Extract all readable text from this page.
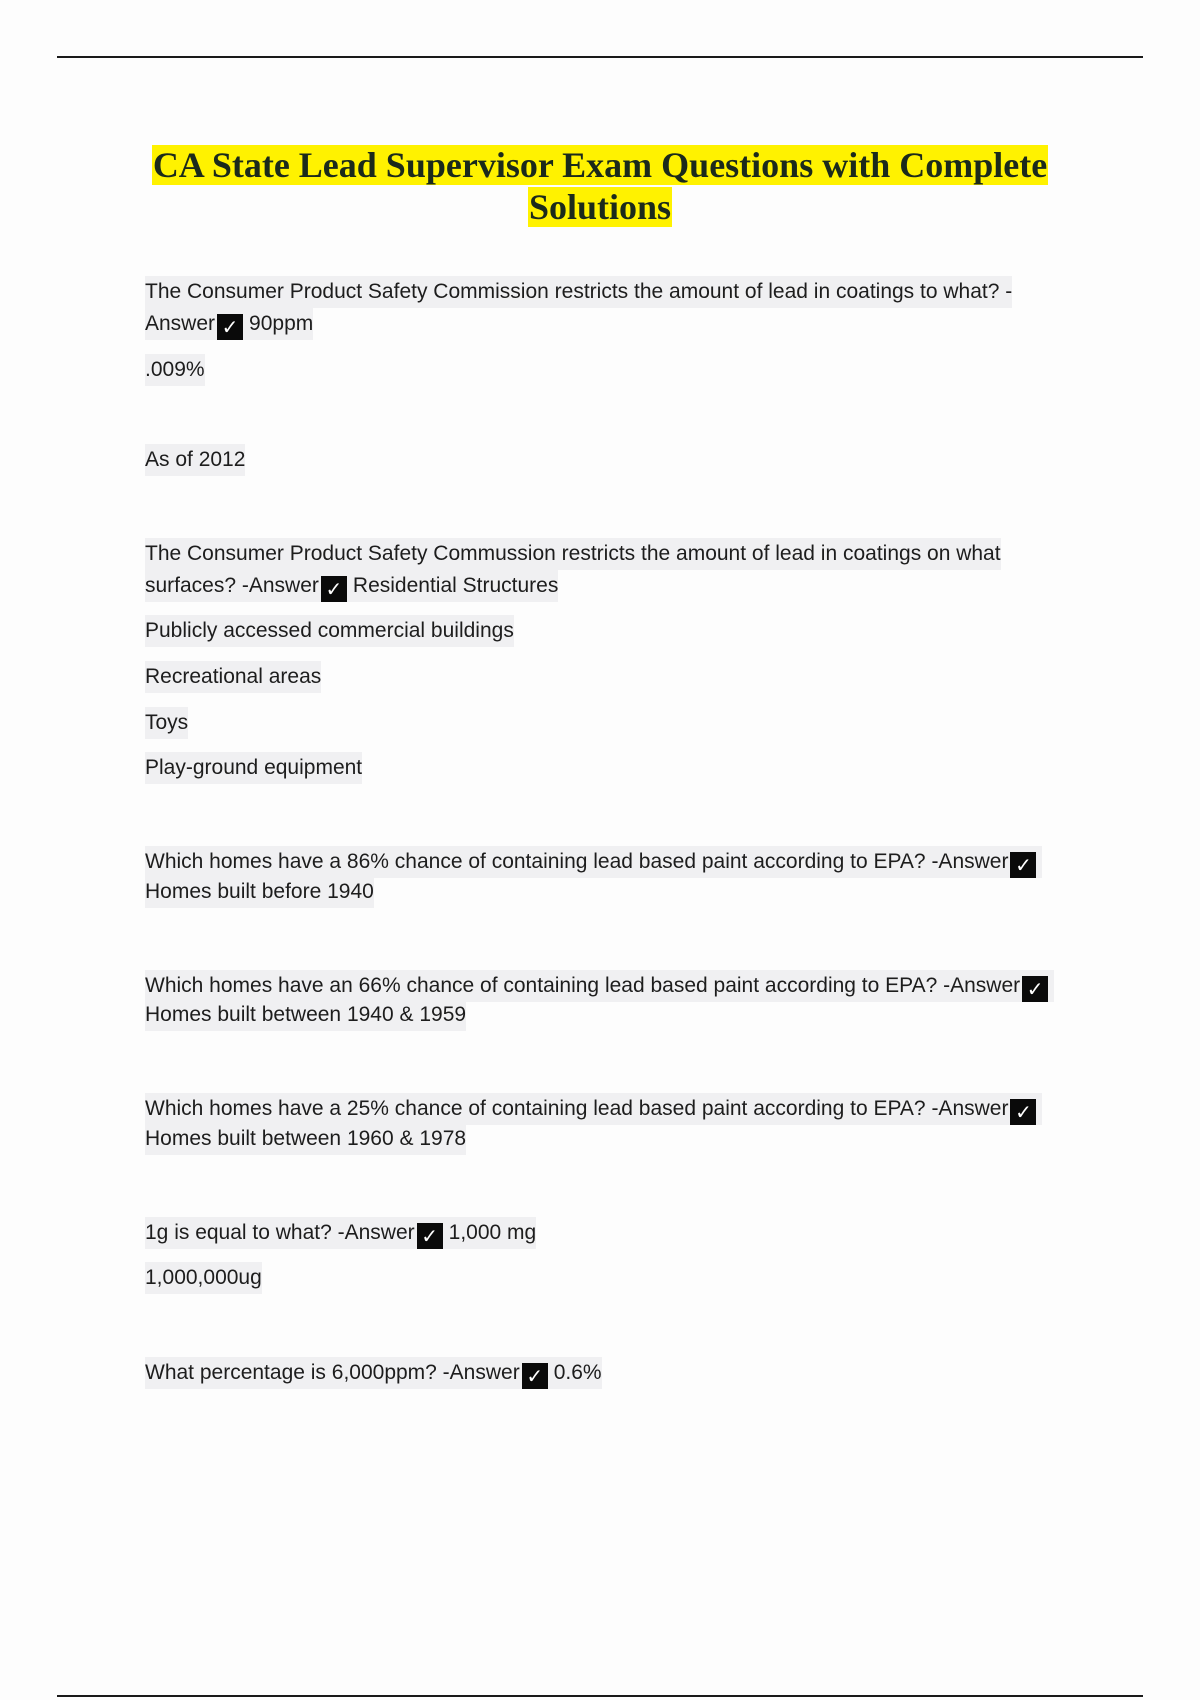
CA State Lead Supervisor Exam Questions with Complete
Solutions
The Consumer Product Safety Commission restricts the amount of lead in coatings to what? -
Answer ✓ 90ppm
.009%
As of 2012
The Consumer Product Safety Commussion restricts the amount of lead in coatings on what
surfaces? -Answer ✓ Residential Structures
Publicly accessed commercial buildings
Recreational areas
Toys
Play-ground equipment
Which homes have a 86% chance of containing lead based paint according to EPA? -Answer ✓
Homes built before 1940
Which homes have an 66% chance of containing lead based paint according to EPA? -Answer ✓
Homes built between 1940 & 1959
Which homes have a 25% chance of containing lead based paint according to EPA? -Answer ✓
Homes built between 1960 & 1978
1g is equal to what? -Answer ✓ 1,000 mg
1,000,000ug
What percentage is 6,000ppm? -Answer ✓ 0.6%
